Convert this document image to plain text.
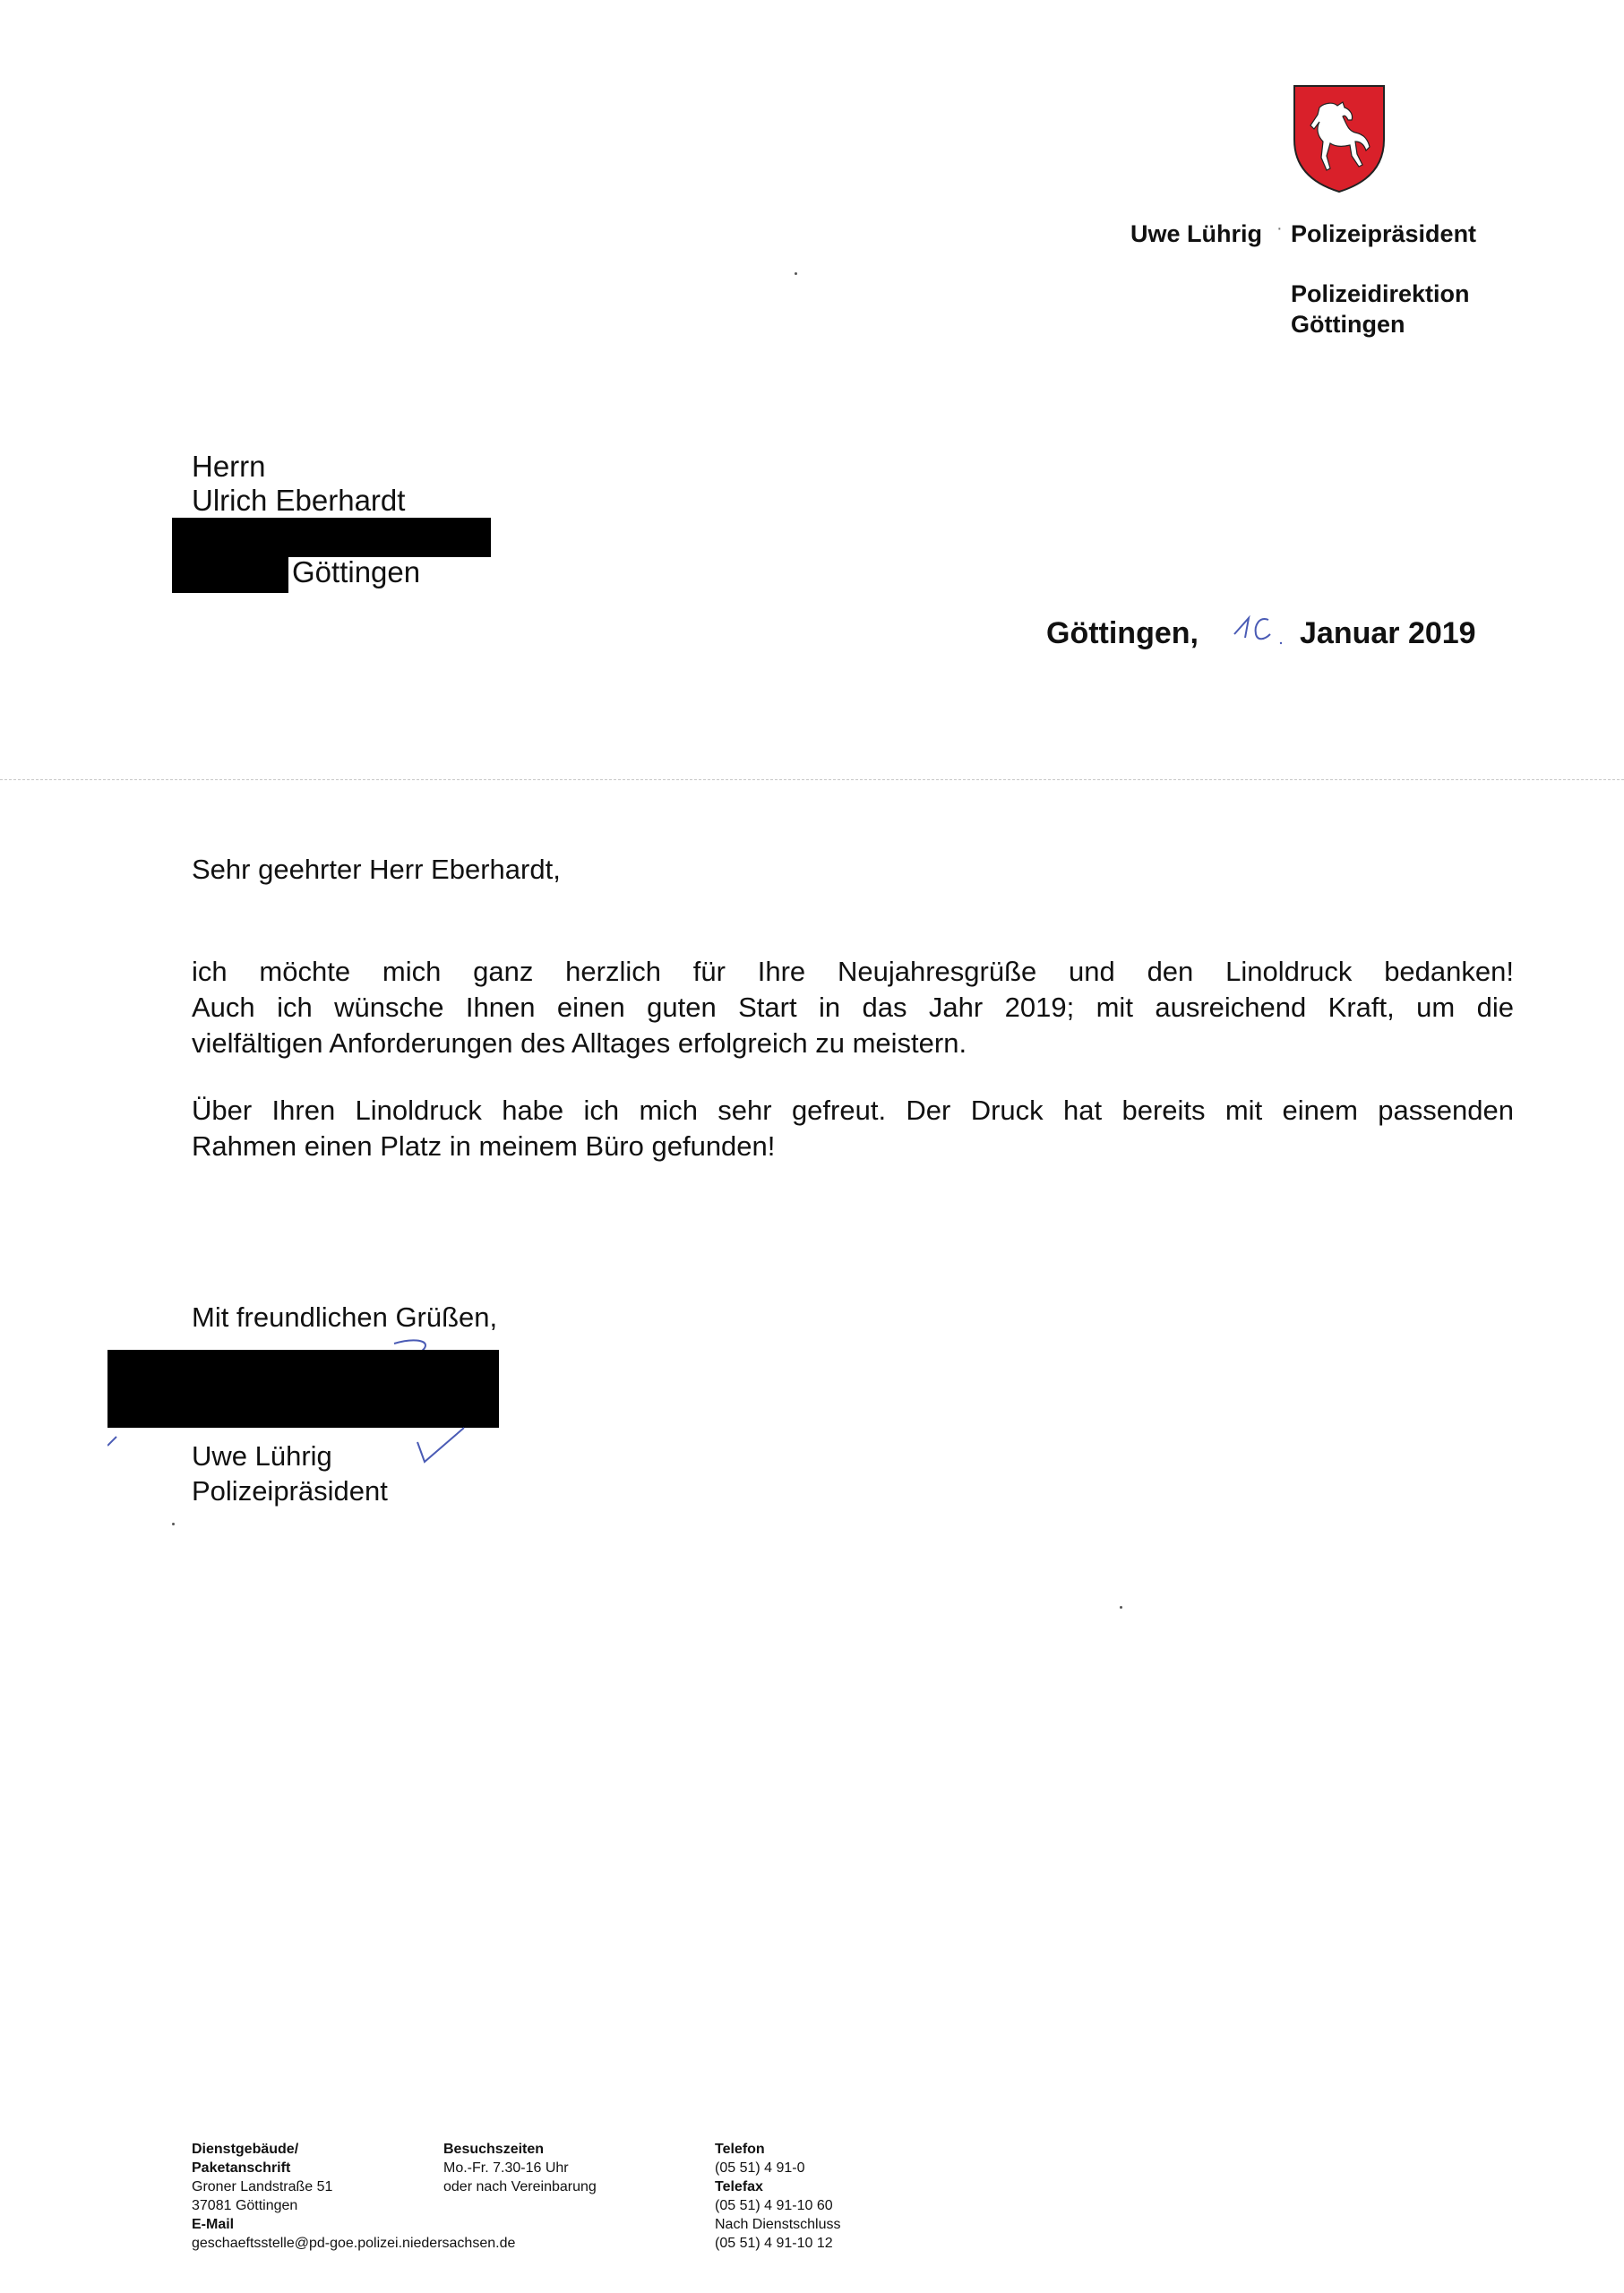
Uwe Lührig · Polizeipräsident
Polizeidirektion
Göttingen
Herrn
Ulrich Eberhardt
Göttingen
Göttingen,	Januar 2019
Sehr geehrter Herr Eberhardt,
ich möchte mich ganz herzlich für Ihre Neujahresgrüße und den Linoldruck bedanken!
Auch ich wünsche Ihnen einen guten Start in das Jahr 2019; mit ausreichend Kraft, um die
vielfältigen Anforderungen des Alltages erfolgreich zu meistern.
Über Ihren Linoldruck habe ich mich sehr gefreut. Der Druck hat bereits mit einem passenden
Rahmen einen Platz in meinem Büro gefunden!
Mit freundlichen Grüßen,
Uwe Lührig
Polizeipräsident
Dienstgebäude/
Paketanschrift
Groner Landstraße 51
37081 Göttingen
E-Mail
geschaeftsstelle@pd-goe.polizei.niedersachsen.de
Besuchszeiten
Mo.-Fr. 7.30-16 Uhr
oder nach Vereinbarung
Telefon
(05 51) 4 91-0
Telefax
(05 51) 4 91-10 60
Nach Dienstschluss
(05 51) 4 91-10 12
